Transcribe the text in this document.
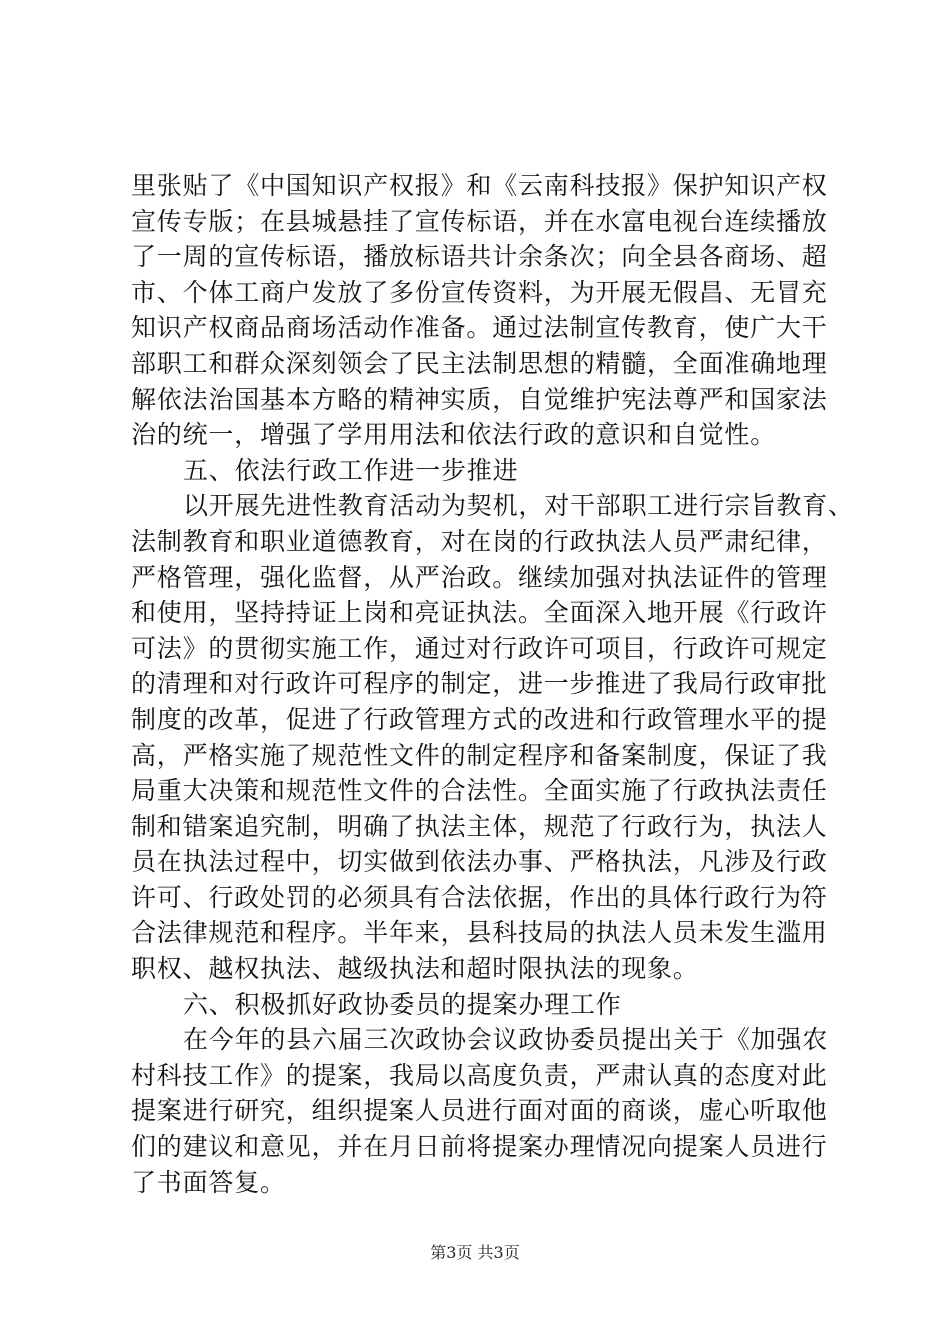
里张贴了《中国知识产权报》和《云南科技报》保护知识产权
宣传专版；在县城悬挂了宣传标语，并在水富电视台连续播放
了一周的宣传标语，播放标语共计余条次；向全县各商场、超
市、个体工商户发放了多份宣传资料，为开展无假昌、无冒充
知识产权商品商场活动作准备。通过法制宣传教育，使广大干
部职工和群众深刻领会了民主法制思想的精髓，全面准确地理
解依法治国基本方略的精神实质，自觉维护宪法尊严和国家法
治的统一，增强了学用用法和依法行政的意识和自觉性。
五、依法行政工作进一步推进
以开展先进性教育活动为契机，对干部职工进行宗旨教育、
法制教育和职业道德教育，对在岗的行政执法人员严肃纪律，
严格管理，强化监督，从严治政。继续加强对执法证件的管理
和使用，坚持持证上岗和亮证执法。全面深入地开展《行政许
可法》的贯彻实施工作，通过对行政许可项目，行政许可规定
的清理和对行政许可程序的制定，进一步推进了我局行政审批
制度的改革，促进了行政管理方式的改进和行政管理水平的提
高，严格实施了规范性文件的制定程序和备案制度，保证了我
局重大决策和规范性文件的合法性。全面实施了行政执法责任
制和错案追究制，明确了执法主体，规范了行政行为，执法人
员在执法过程中，切实做到依法办事、严格执法，凡涉及行政
许可、行政处罚的必须具有合法依据，作出的具体行政行为符
合法律规范和程序。半年来，县科技局的执法人员未发生滥用
职权、越权执法、越级执法和超时限执法的现象。
六、积极抓好政协委员的提案办理工作
在今年的县六届三次政协会议政协委员提出关于《加强农
村科技工作》的提案，我局以高度负责，严肃认真的态度对此
提案进行研究，组织提案人员进行面对面的商谈，虚心听取他
们的建议和意见，并在月日前将提案办理情况向提案人员进行
了书面答复。
第3页 共3页
